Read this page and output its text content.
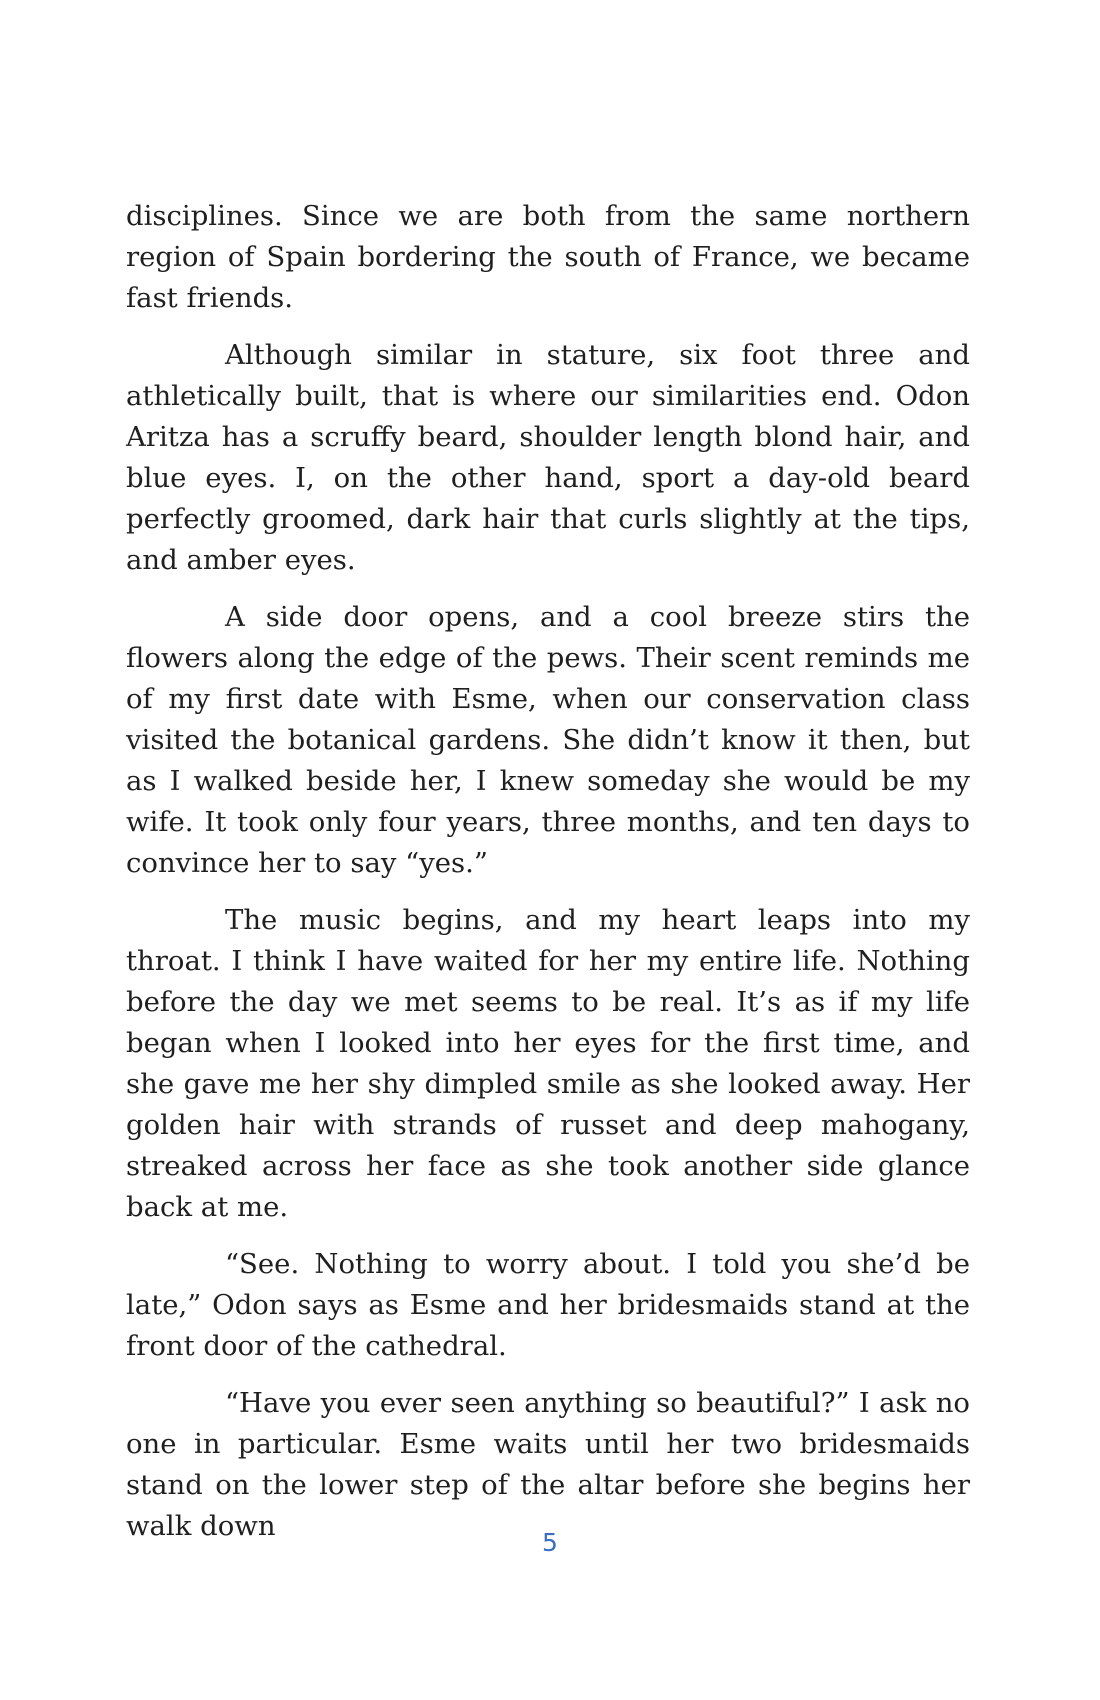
disciplines. Since we are both from the same northern region of Spain bordering the south of France, we became fast friends.

Although similar in stature, six foot three and athletically built, that is where our similarities end. Odon Aritza has a scruffy beard, shoulder length blond hair, and blue eyes. I, on the other hand, sport a day-old beard perfectly groomed, dark hair that curls slightly at the tips, and amber eyes.

A side door opens, and a cool breeze stirs the flowers along the edge of the pews. Their scent reminds me of my first date with Esme, when our conservation class visited the botanical gardens. She didn’t know it then, but as I walked beside her, I knew someday she would be my wife. It took only four years, three months, and ten days to convince her to say “yes.”

The music begins, and my heart leaps into my throat. I think I have waited for her my entire life. Nothing before the day we met seems to be real. It’s as if my life began when I looked into her eyes for the first time, and she gave me her shy dimpled smile as she looked away. Her golden hair with strands of russet and deep mahogany, streaked across her face as she took another side glance back at me.

“See. Nothing to worry about. I told you she’d be late,” Odon says as Esme and her bridesmaids stand at the front door of the cathedral.

“Have you ever seen anything so beautiful?” I ask no one in particular. Esme waits until her two bridesmaids stand on the lower step of the altar before she begins her walk down

5
